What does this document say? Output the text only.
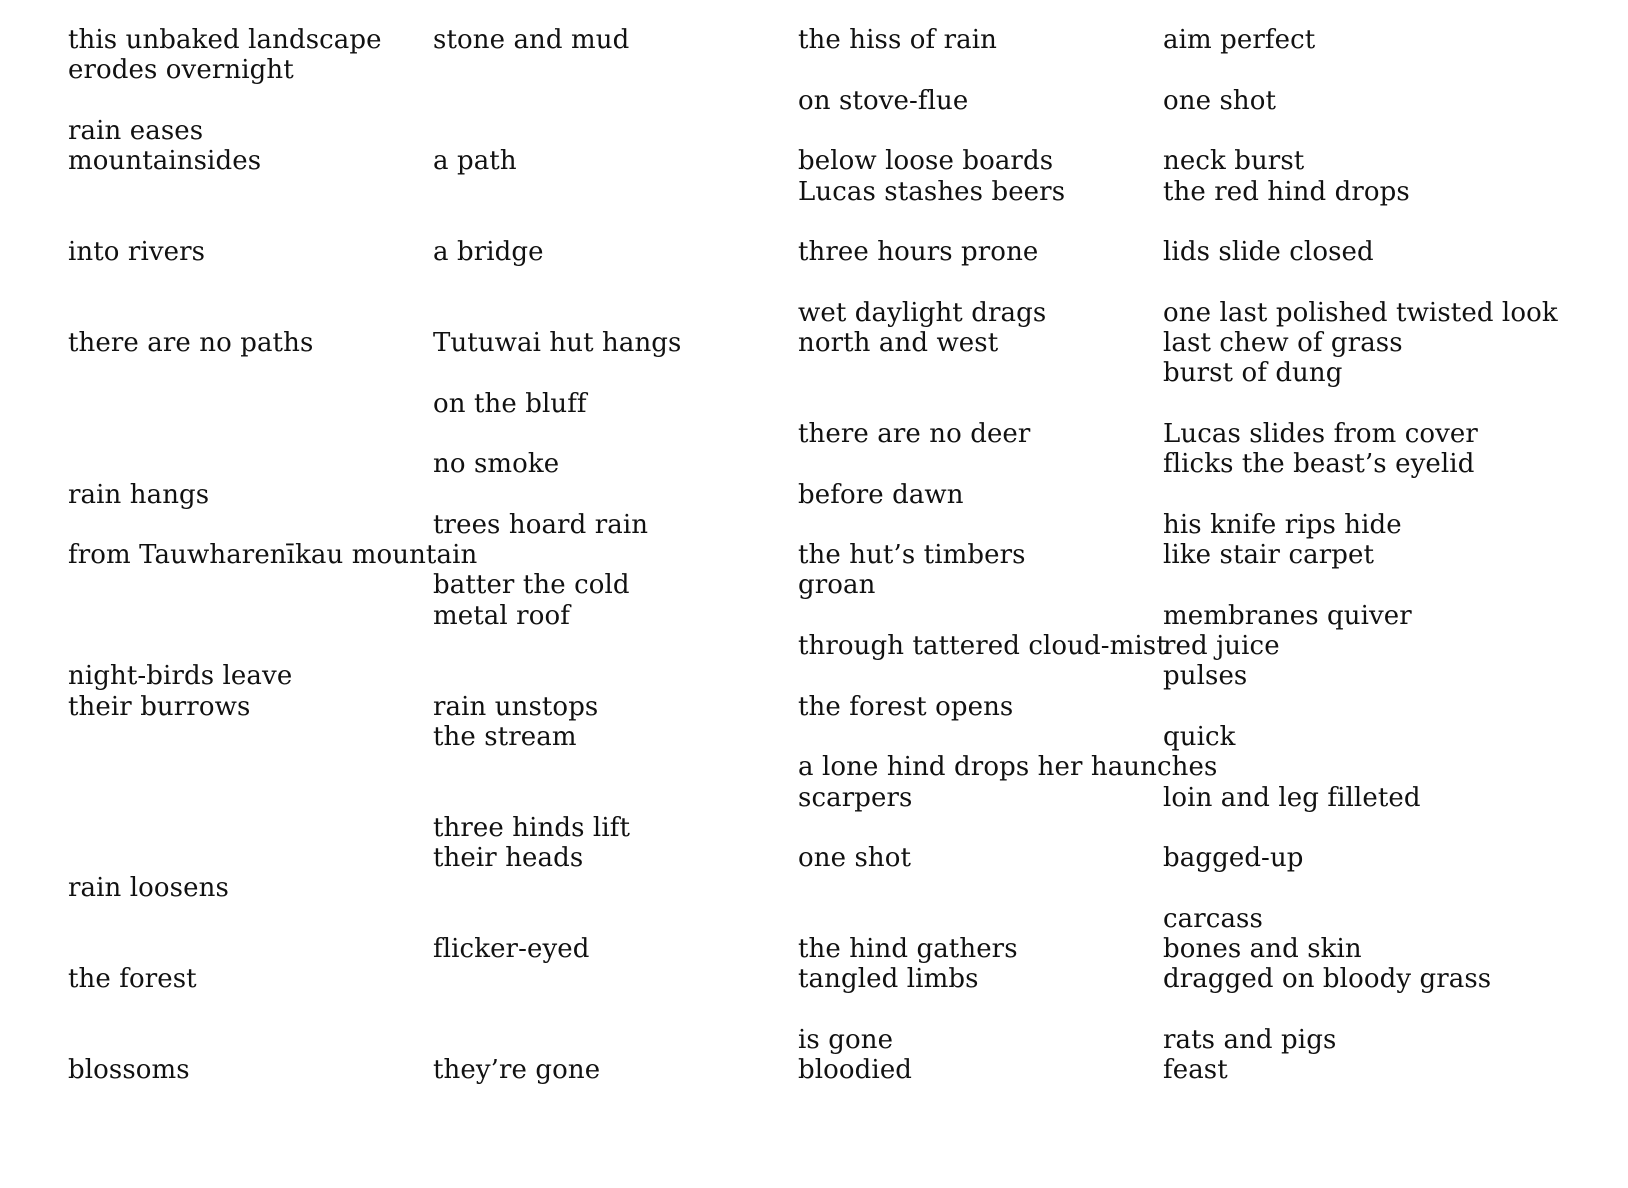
this unbaked landscape
erodes overnight
rain eases
mountainsides
into rivers
there are no paths
rain hangs
from Tauwharenīkau mountain
night-birds leave
their burrows
rain loosens
the forest
blossoms
stone and mud
a path
a bridge
Tutuwai hut hangs
on the bluff
no smoke
trees hoard rain
batter the cold
metal roof
rain unstops
the stream
three hinds lift
their heads
flicker-eyed
they’re gone
the hiss of rain
on stove-flue
below loose boards
Lucas stashes beers
three hours prone
wet daylight drags
north and west
there are no deer
before dawn
the hut’s timbers
groan
through tattered cloud-mist
the forest opens
a lone hind drops her haunches
scarpers
one shot
the hind gathers
tangled limbs
is gone
bloodied
aim perfect
one shot
neck burst
the red hind drops
lids slide closed
one last polished twisted look
last chew of grass
burst of dung
Lucas slides from cover
flicks the beast’s eyelid
his knife rips hide
like stair carpet
membranes quiver
red juice
pulses
quick
loin and leg filleted
bagged-up
carcass
bones and skin
dragged on bloody grass
rats and pigs
feast
